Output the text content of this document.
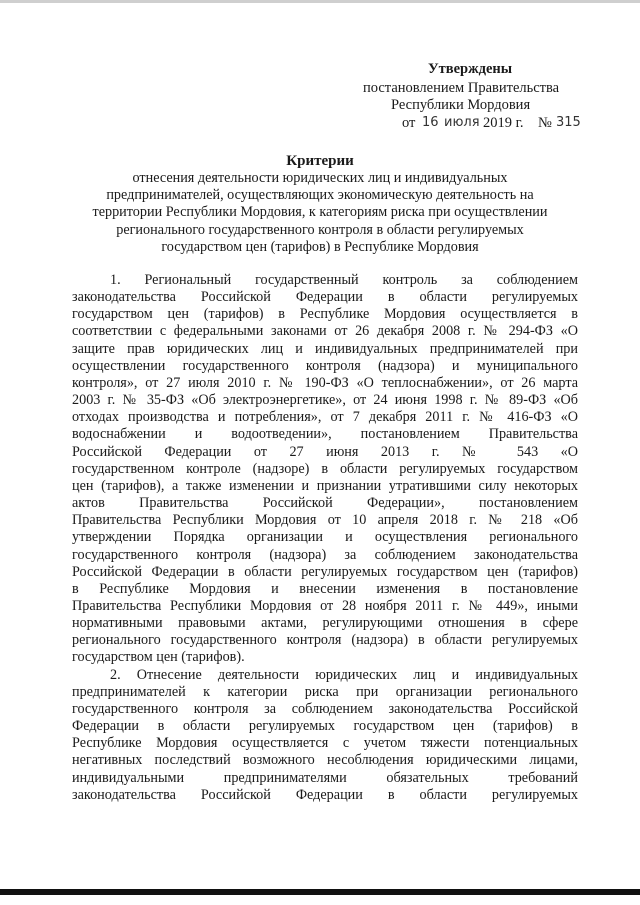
Утверждены
постановлением Правительства
Республики Мордовия
от 16 июля 2019 г. № 315
Критерии
отнесения деятельности юридических лиц и индивидуальных
предпринимателей, осуществляющих экономическую деятельность на
территории Республики Мордовия, к категориям риска при осуществлении
регионального государственного контроля в области регулируемых
государством цен (тарифов) в Республике Мордовия
1. Региональный государственный контроль за соблюдением
законодательства Российской Федерации в области регулируемых
государством цен (тарифов) в Республике Мордовия осуществляется в
соответствии с федеральными законами от 26 декабря 2008 г. № 294-ФЗ «О
защите прав юридических лиц и индивидуальных предпринимателей при
осуществлении государственного контроля (надзора) и муниципального
контроля», от 27 июля 2010 г. № 190-ФЗ «О теплоснабжении», от 26 марта
2003 г. № 35-ФЗ «Об электроэнергетике», от 24 июня 1998 г. № 89-ФЗ «Об
отходах производства и потребления», от 7 декабря 2011 г. № 416-ФЗ «О
водоснабжении и водоотведении», постановлением Правительства
Российской Федерации от 27 июня 2013 г. № 543 «О
государственном контроле (надзоре) в области регулируемых государством
цен (тарифов), а также изменении и признании утратившими силу некоторых
актов Правительства Российской Федерации», постановлением
Правительства Республики Мордовия от 10 апреля 2018 г. № 218 «Об
утверждении Порядка организации и осуществления регионального
государственного контроля (надзора) за соблюдением законодательства
Российской Федерации в области регулируемых государством цен (тарифов)
в Республике Мордовия и внесении изменения в постановление
Правительства Республики Мордовия от 28 ноября 2011 г. № 449», иными
нормативными правовыми актами, регулирующими отношения в сфере
регионального государственного контроля (надзора) в области регулируемых
государством цен (тарифов).
2. Отнесение деятельности юридических лиц и индивидуальных
предпринимателей к категории риска при организации регионального
государственного контроля за соблюдением законодательства Российской
Федерации в области регулируемых государством цен (тарифов) в
Республике Мордовия осуществляется с учетом тяжести потенциальных
негативных последствий возможного несоблюдения юридическими лицами,
индивидуальными предпринимателями обязательных требований
законодательства Российской Федерации в области регулируемых
